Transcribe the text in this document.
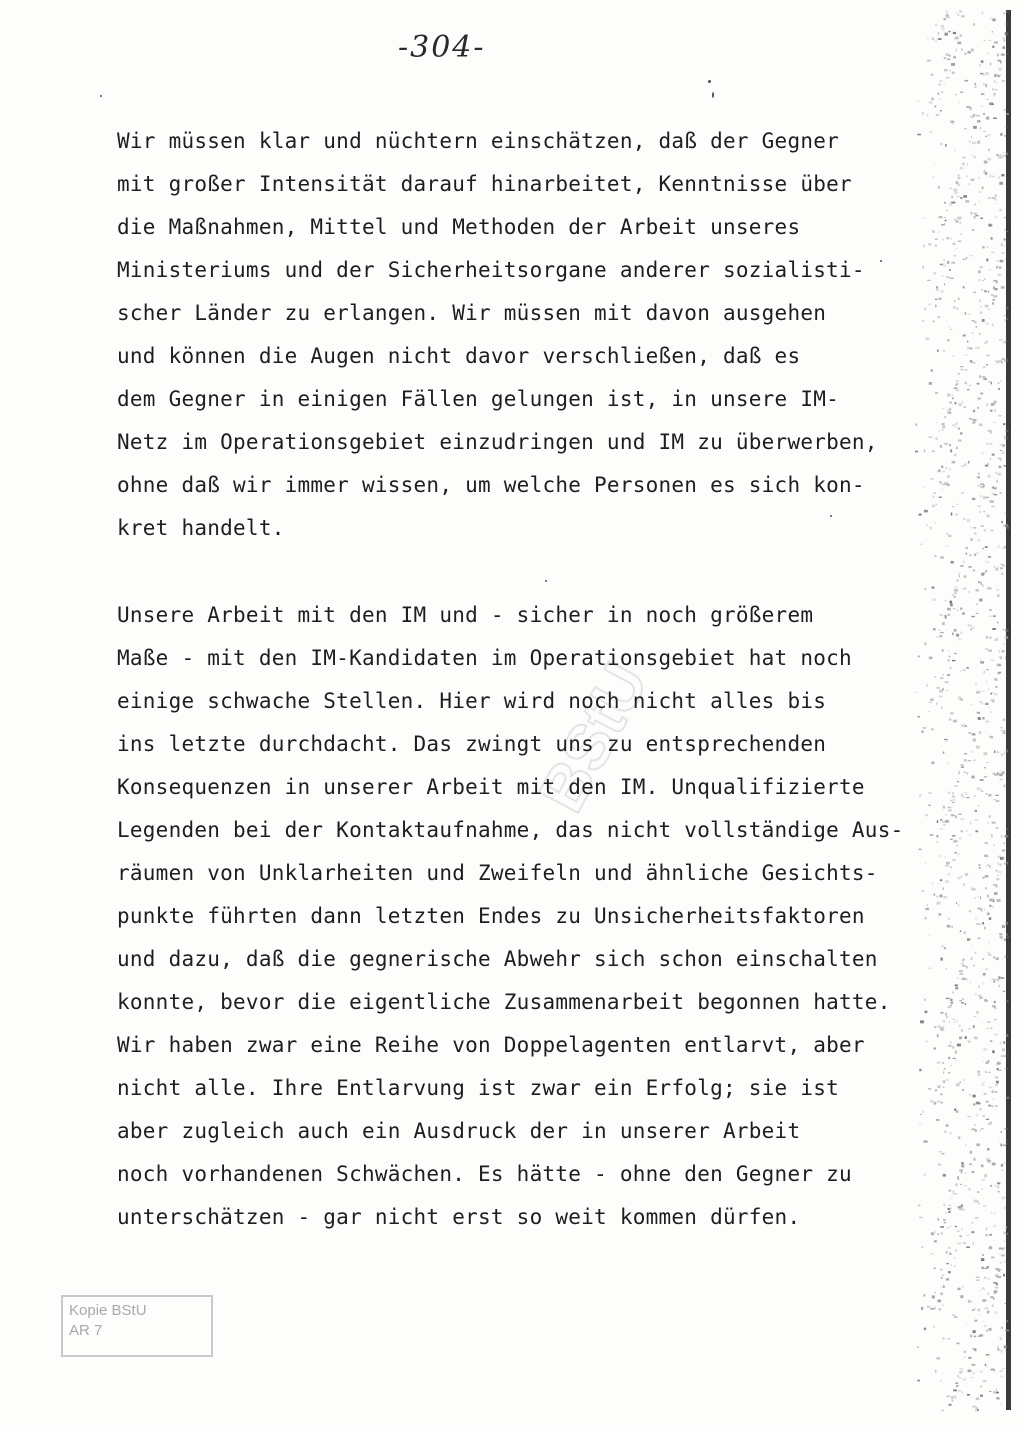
-304-
Wir müssen klar und nüchtern einschätzen, daß der Gegner
mit großer Intensität darauf hinarbeitet, Kenntnisse über
die Maßnahmen, Mittel und Methoden der Arbeit unseres
Ministeriums und der Sicherheitsorgane anderer sozialisti-
scher Länder zu erlangen. Wir müssen mit davon ausgehen
und können die Augen nicht davor verschließen, daß es
dem Gegner in einigen Fällen gelungen ist, in unsere IM-
Netz im Operationsgebiet einzudringen und IM zu überwerben,
ohne daß wir immer wissen, um welche Personen es sich kon-
kret handelt.
Unsere Arbeit mit den IM und - sicher in noch größerem
Maße - mit den IM-Kandidaten im Operationsgebiet hat noch
einige schwache Stellen. Hier wird noch nicht alles bis
ins letzte durchdacht. Das zwingt uns zu entsprechenden
Konsequenzen in unserer Arbeit mit den IM. Unqualifizierte
Legenden bei der Kontaktaufnahme, das nicht vollständige Aus-
räumen von Unklarheiten und Zweifeln und ähnliche Gesichts-
punkte führten dann letzten Endes zu Unsicherheitsfaktoren
und dazu, daß die gegnerische Abwehr sich schon einschalten
konnte, bevor die eigentliche Zusammenarbeit begonnen hatte.
Wir haben zwar eine Reihe von Doppelagenten entlarvt, aber
nicht alle. Ihre Entlarvung ist zwar ein Erfolg; sie ist
aber zugleich auch ein Ausdruck der in unserer Arbeit
noch vorhandenen Schwächen. Es hätte - ohne den Gegner zu
unterschätzen - gar nicht erst so weit kommen dürfen.
BStU
Kopie BStU
AR 7
